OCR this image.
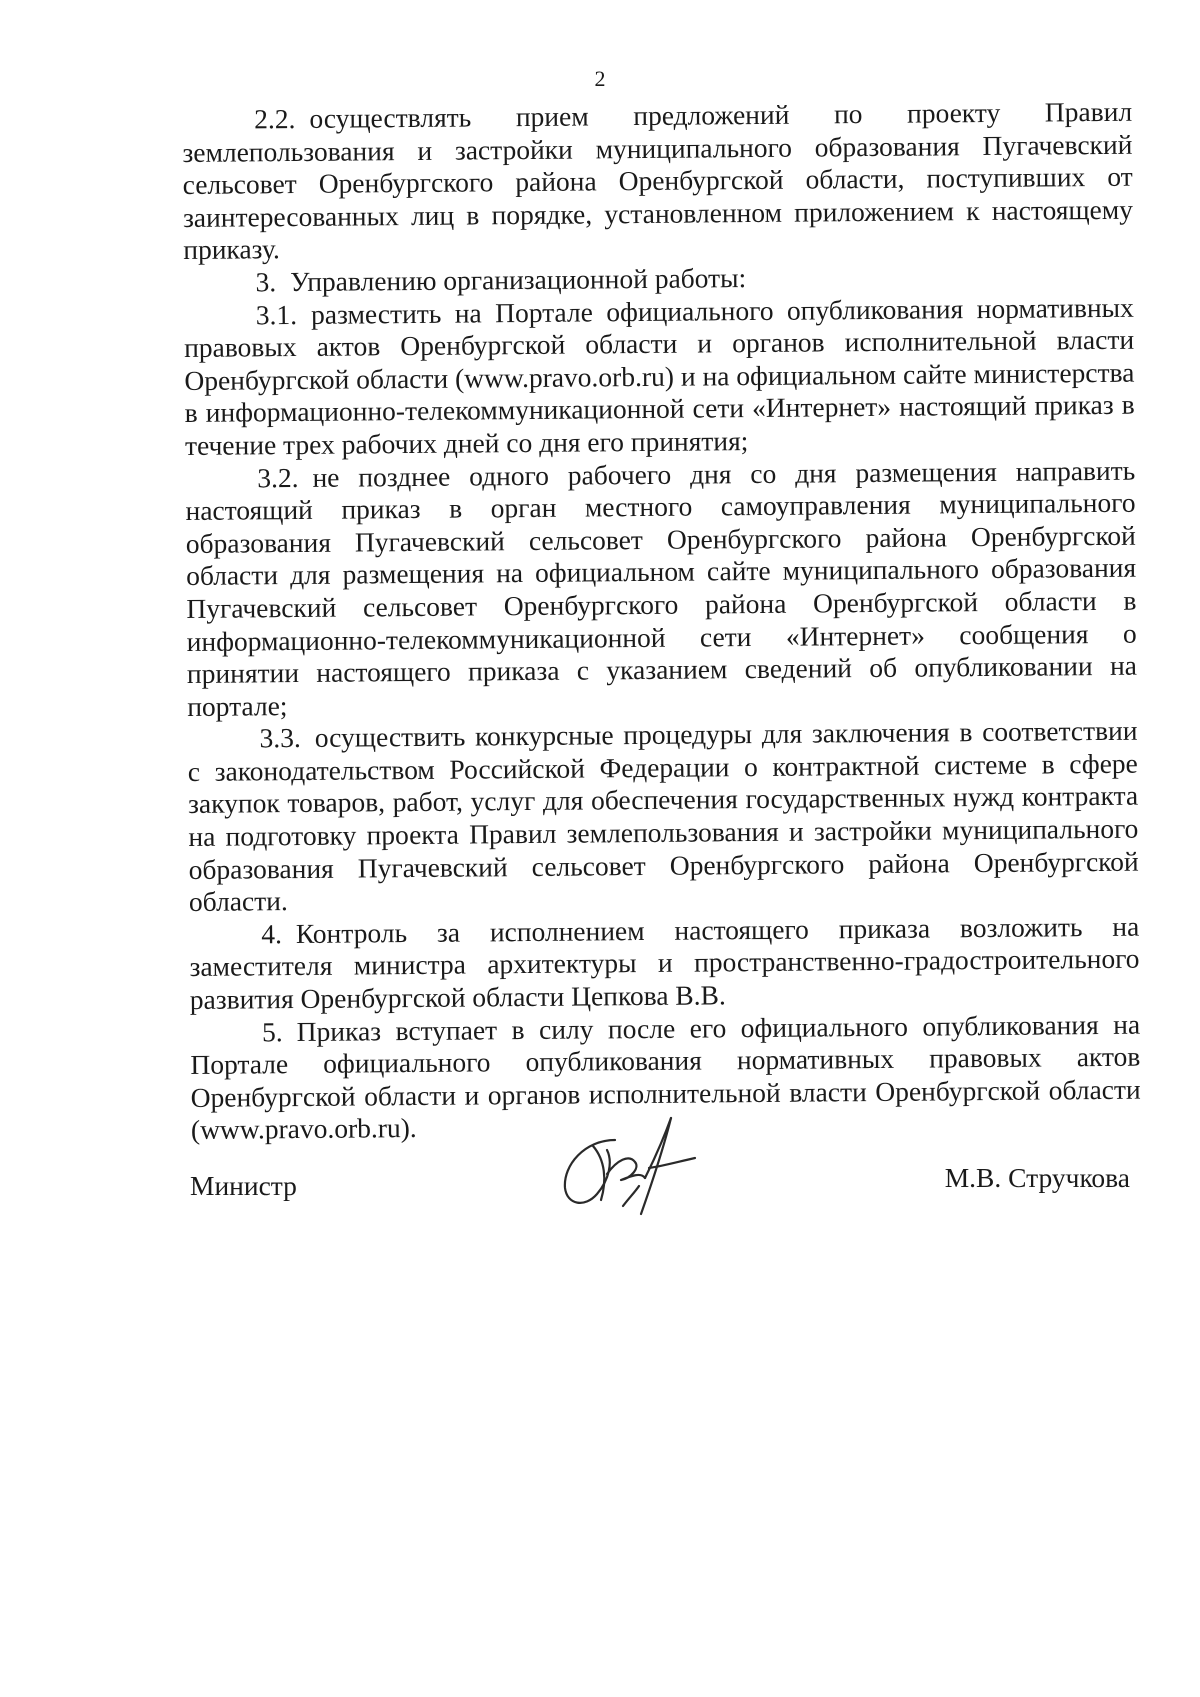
2

2.2. осуществлять прием предложений по проекту Правил землепользования и застройки муниципального образования Пугачевский сельсовет Оренбургского района Оренбургской области, поступивших от заинтересованных лиц в порядке, установленном приложением к настоящему приказу.

3. Управлению организационной работы:

3.1. разместить на Портале официального опубликования нормативных правовых актов Оренбургской области и органов исполнительной власти Оренбургской области (www.pravo.orb.ru) и на официальном сайте министерства в информационно-телекоммуникационной сети «Интернет» настоящий приказ в течение трех рабочих дней со дня его принятия;

3.2. не позднее одного рабочего дня со дня размещения направить настоящий приказ в орган местного самоуправления муниципального образования Пугачевский сельсовет Оренбургского района Оренбургской области для размещения на официальном сайте муниципального образования Пугачевский сельсовет Оренбургского района Оренбургской области в информационно-телекоммуникационной сети «Интернет» сообщения о принятии настоящего приказа с указанием сведений об опубликовании на портале;

3.3. осуществить конкурсные процедуры для заключения в соответствии с законодательством Российской Федерации о контрактной системе в сфере закупок товаров, работ, услуг для обеспечения государственных нужд контракта на подготовку проекта Правил землепользования и застройки муниципального образования Пугачевский сельсовет Оренбургского района Оренбургской области.

4. Контроль за исполнением настоящего приказа возложить на заместителя министра архитектуры и пространственно-градостроительного развития Оренбургской области Цепкова В.В.

5. Приказ вступает в силу после его официального опубликования на Портале официального опубликования нормативных правовых актов Оренбургской области и органов исполнительной власти Оренбургской области (www.pravo.orb.ru).

Министр	М.В. Стручкова
